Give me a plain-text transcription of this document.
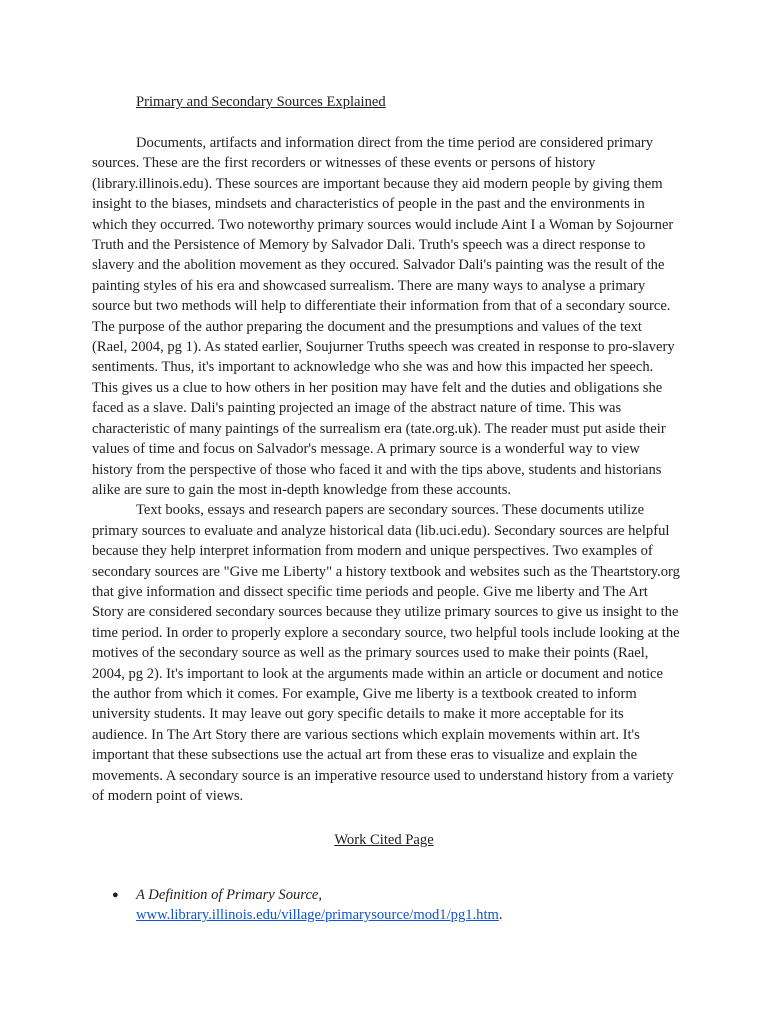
Primary and Secondary Sources Explained

Documents, artifacts and information direct from the time period are considered primary sources. These are the first recorders or witnesses of these events or persons of history (library.illinois.edu). These sources are important because they aid modern people by giving them insight to the biases, mindsets and characteristics of people in the past and the environments in which they occurred. Two noteworthy primary sources would include Aint I a Woman by Sojourner Truth and the Persistence of Memory by Salvador Dali. Truth's speech was a direct response to slavery and the abolition movement as they occured. Salvador Dali's painting was the result of the painting styles of his era and showcased surrealism. There are many ways to analyse a primary source but two methods will help to differentiate their information from that of a secondary source. The purpose of the author preparing the document and the presumptions and values of the text (Rael, 2004, pg 1). As stated earlier, Soujurner Truths speech was created in response to pro-slavery sentiments. Thus, it's important to acknowledge who she was and how this impacted her speech. This gives us a clue to how others in her position may have felt and the duties and obligations she faced as a slave. Dali's painting projected an image of the abstract nature of time. This was characteristic of many paintings of the surrealism era (tate.org.uk). The reader must put aside their values of time and focus on Salvador's message. A primary source is a wonderful way to view history from the perspective of those who faced it and with the tips above, students and historians alike are sure to gain the most in-depth knowledge from these accounts.

Text books, essays and research papers are secondary sources. These documents utilize primary sources to evaluate and analyze historical data (lib.uci.edu). Secondary sources are helpful because they help interpret information from modern and unique perspectives. Two examples of secondary sources are "Give me Liberty" a history textbook and websites such as the Theartstory.org that give information and dissect specific time periods and people. Give me liberty and The Art Story are considered secondary sources because they utilize primary sources to give us insight to the time period. In order to properly explore a secondary source, two helpful tools include looking at the motives of the secondary source as well as the primary sources used to make their points (Rael, 2004, pg 2). It's important to look at the arguments made within an article or document and notice the author from which it comes. For example, Give me liberty is a textbook created to inform university students. It may leave out gory specific details to make it more acceptable for its audience. In The Art Story there are various sections which explain movements within art. It's important that these subsections use the actual art from these eras to visualize and explain the movements. A secondary source is an imperative resource used to understand history from a variety of modern point of views.

Work Cited Page
● A Definition of Primary Source,
www.library.illinois.edu/village/primarysource/mod1/pg1.htm.
